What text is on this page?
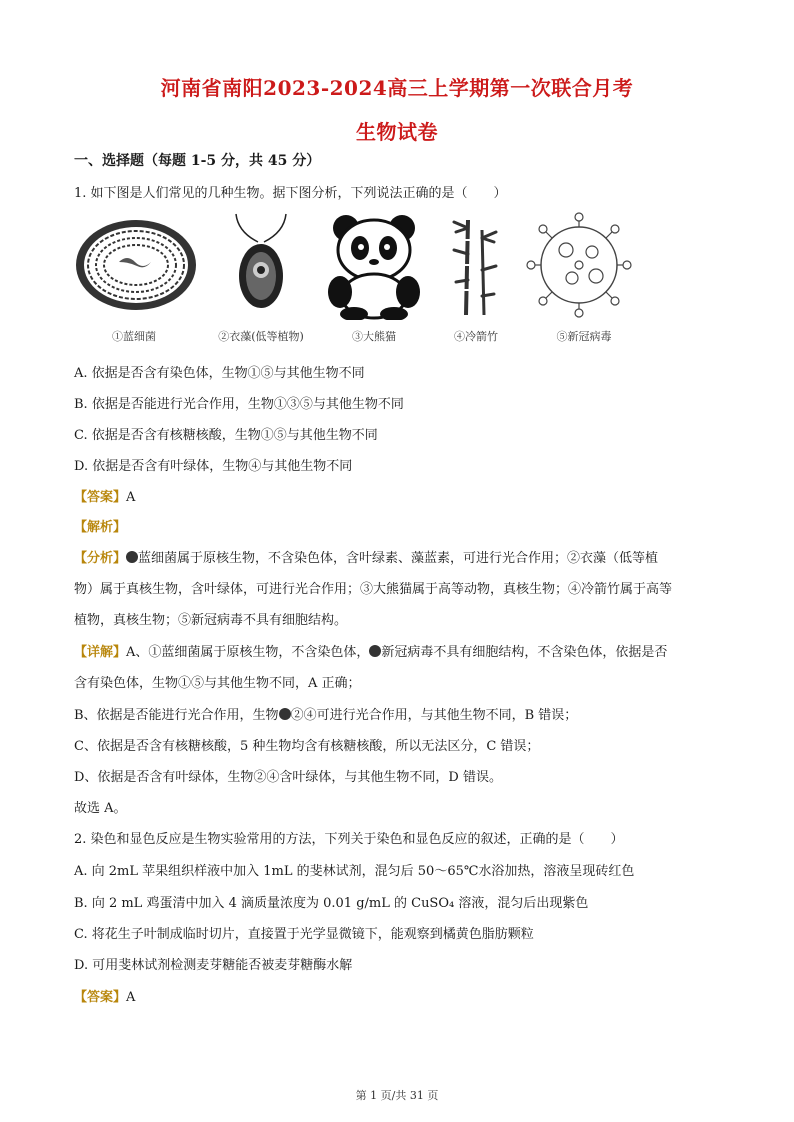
河南省南阳2023-2024高三上学期第一次联合月考
生物试卷
一、选择题（每题 1-5 分，共 45 分）
1. 如下图是人们常见的几种生物。据下图分析，下列说法正确的是（　　）
①蓝细菌	②衣藻(低等植物)	③大熊猫	④冷箭竹	⑤新冠病毒
A. 依据是否含有染色体，生物①⑤与其他生物不同
B. 依据是否能进行光合作用，生物①③⑤与其他生物不同
C. 依据是否含有核糖核酸，生物①⑤与其他生物不同
D. 依据是否含有叶绿体，生物④与其他生物不同
【答案】A
【解析】
【分析】 蓝细菌属于原核生物，不含染色体，含叶绿素、藻蓝素，可进行光合作用；②衣藻（低等植
物）属于真核生物，含叶绿体，可进行光合作用；③大熊猫属于高等动物，真核生物；④冷箭竹属于高等
植物，真核生物；⑤新冠病毒不具有细胞结构。
【详解】A、①蓝细菌属于原核生物，不含染色体， 新冠病毒不具有细胞结构，不含染色体，依据是否
含有染色体，生物①⑤与其他生物不同，A 正确；
B、依据是否能进行光合作用，生物 ②④可进行光合作用，与其他生物不同，B 错误；
C、依据是否含有核糖核酸，5 种生物均含有核糖核酸，所以无法区分，C 错误；
D、依据是否含有叶绿体，生物②④含叶绿体，与其他生物不同，D 错误。
故选 A。
2. 染色和显色反应是生物实验常用的方法，下列关于染色和显色反应的叙述，正确的是（　　）
A. 向 2mL 苹果组织样液中加入 1mL 的斐林试剂，混匀后 50～65℃水浴加热，溶液呈现砖红色
B. 向 2 mL 鸡蛋清中加入 4 滴质量浓度为 0.01 g/mL 的 CuSO₄ 溶液，混匀后出现紫色
C. 将花生子叶制成临时切片，直接置于光学显微镜下，能观察到橘黄色脂肪颗粒
D. 可用斐林试剂检测麦芽糖能否被麦芽糖酶水解
【答案】A
第 1 页/共 31 页
